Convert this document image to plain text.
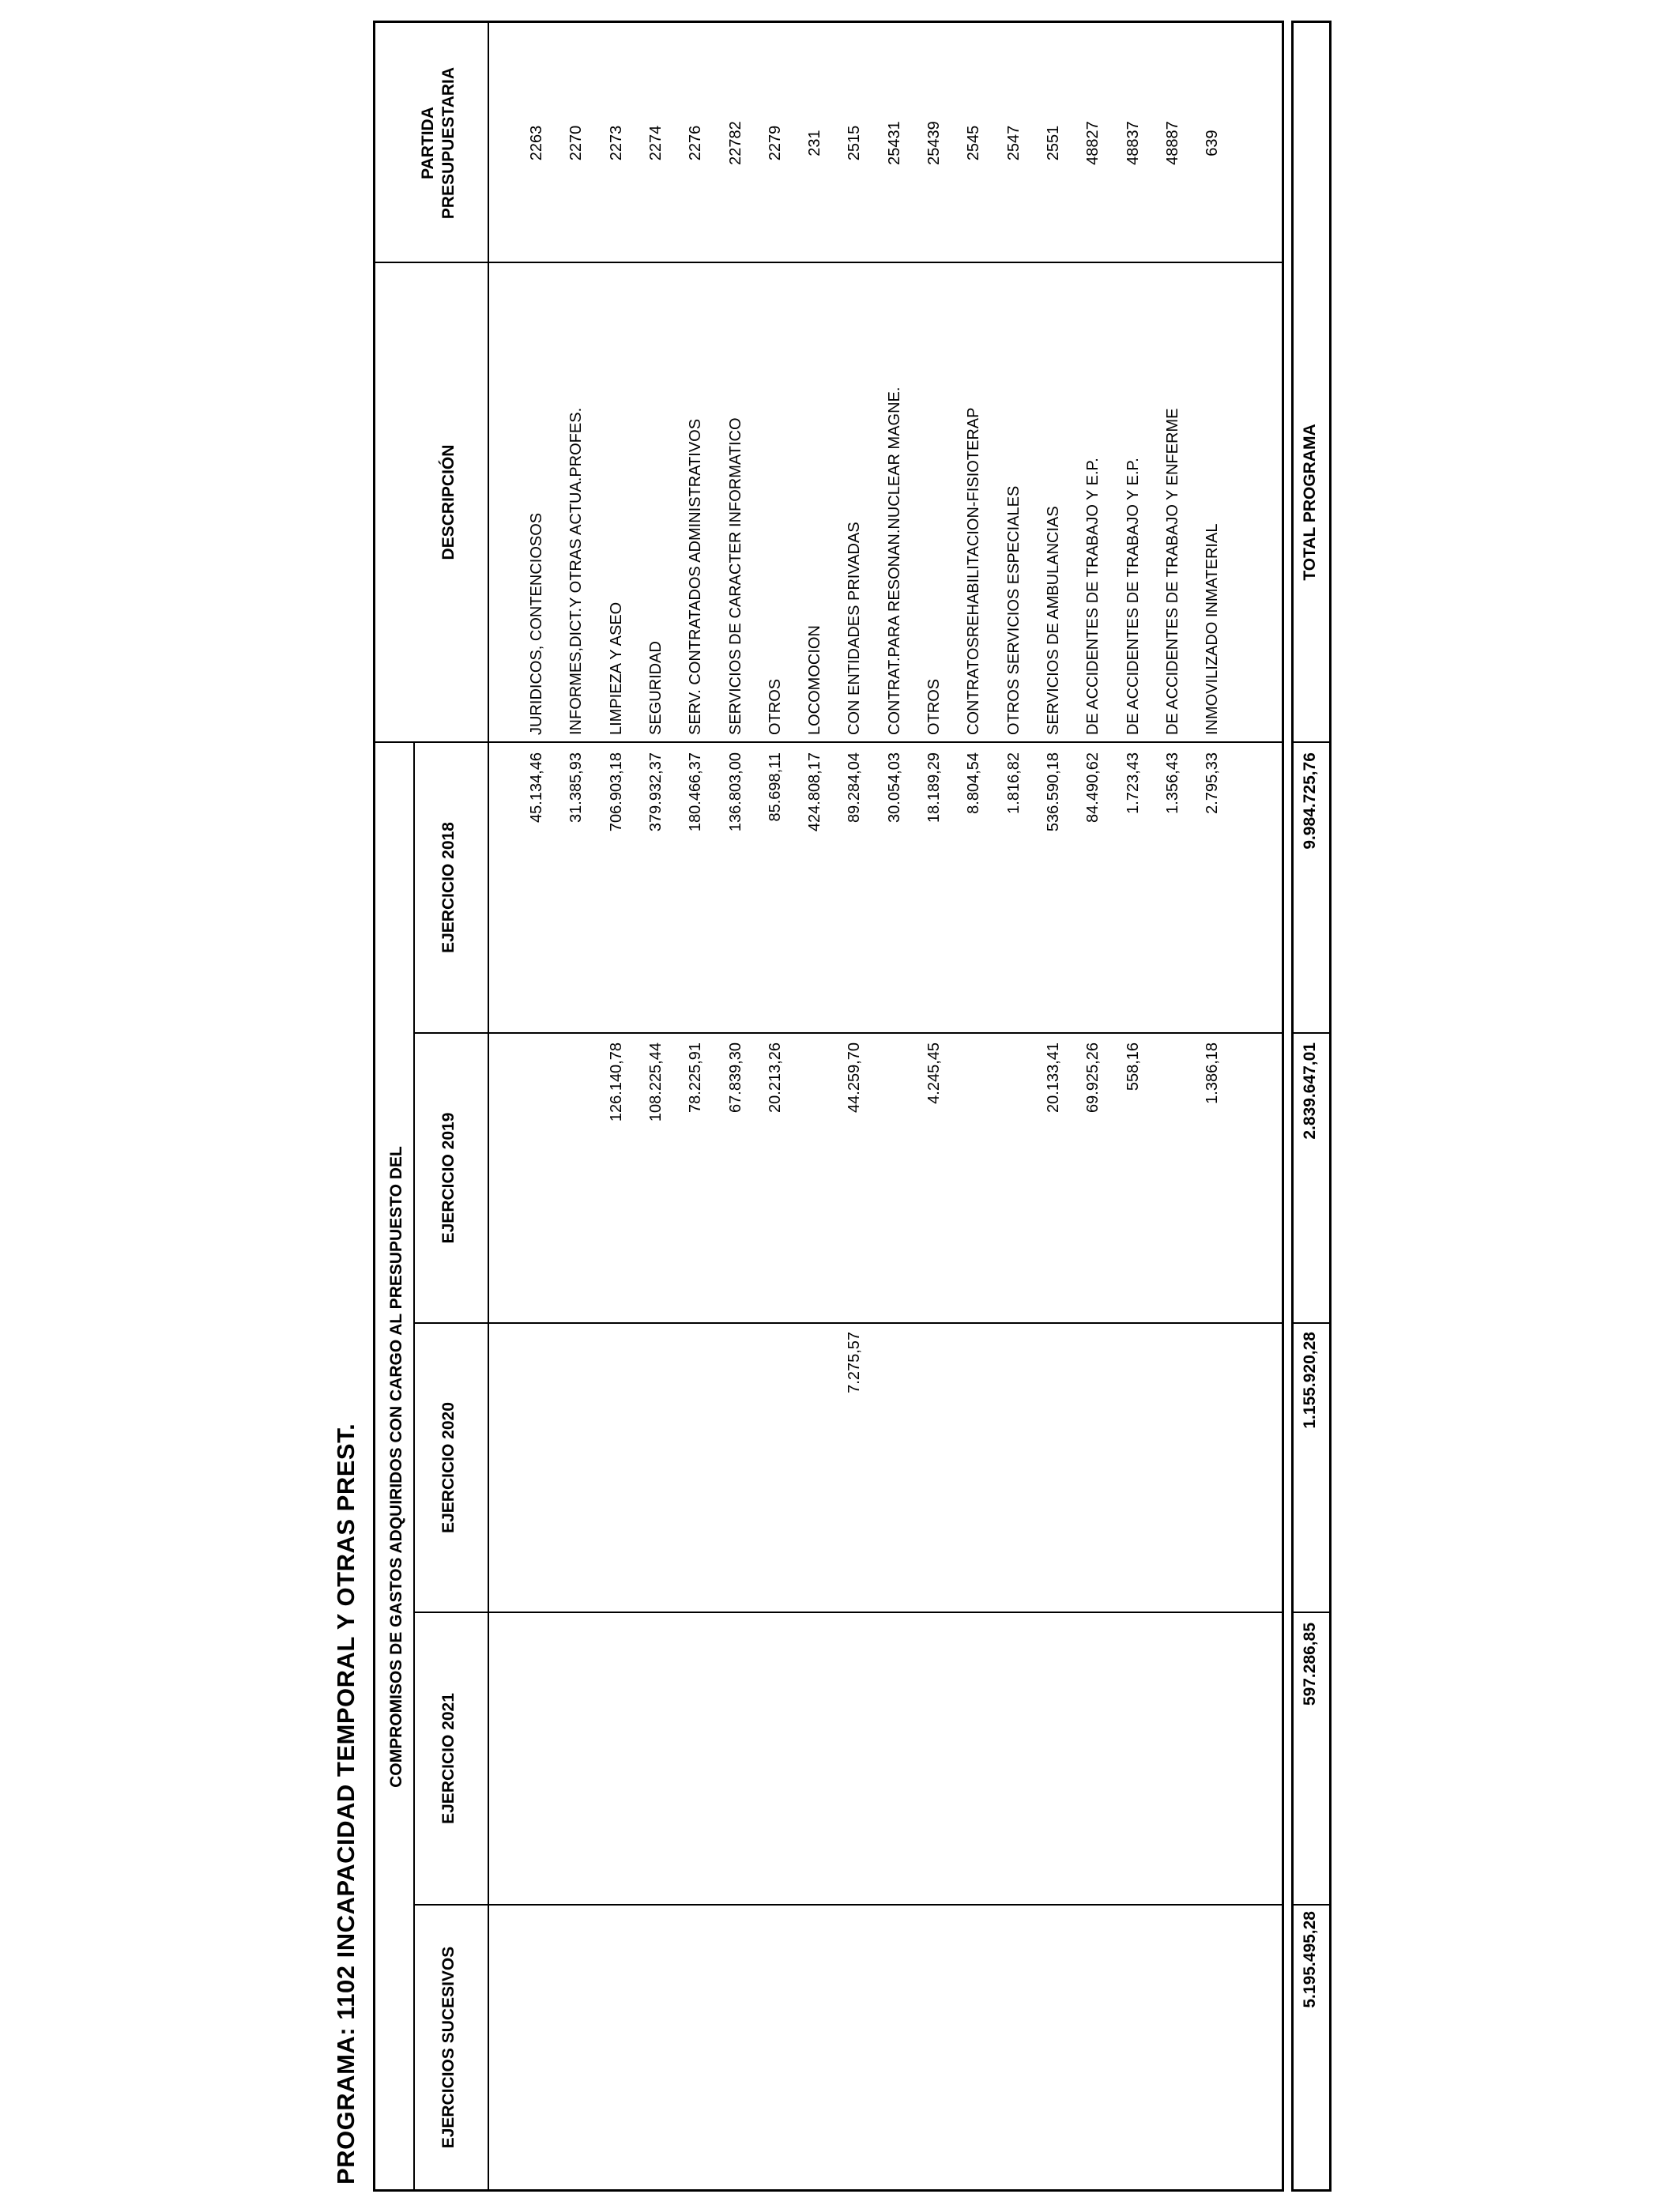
PROGRAMA: 1102 INCAPACIDAD TEMPORAL Y OTRAS PREST.
PARTIDA PRESUPUESTARIA
DESCRIPCIÓN
COMPROMISOS DE GASTOS ADQUIRIDOS CON CARGO AL PRESUPUESTO DEL
EJERCICIO 2018
EJERCICIO 2019
EJERCICIO 2020
EJERCICIO 2021
EJERCICIOS SUCESIVOS
2263
JURIDICOS, CONTENCIOSOS
45.134,46
2270
INFORMES,DICT.Y OTRAS ACTUA.PROFES.
31.385,93
2273
LIMPIEZA Y ASEO
706.903,18
126.140,78
2274
SEGURIDAD
379.932,37
108.225,44
2276
SERV. CONTRATADOS ADMINISTRATIVOS
180.466,37
78.225,91
22782
SERVICIOS DE CARACTER INFORMATICO
136.803,00
67.839,30
2279
OTROS
85.698,11
20.213,26
231
LOCOMOCION
424.808,17
2515
CON ENTIDADES PRIVADAS
89.284,04
44.259,70
7.275,57
25431
CONTRAT.PARA RESONAN.NUCLEAR MAGNE.
30.054,03
25439
OTROS
18.189,29
4.245,45
2545
CONTRATOSREHABILITACION-FISIOTERAP
8.804,54
2547
OTROS SERVICIOS ESPECIALES
1.816,82
2551
SERVICIOS DE AMBULANCIAS
536.590,18
20.133,41
48827
DE ACCIDENTES DE TRABAJO Y E.P.
84.490,62
69.925,26
48837
DE ACCIDENTES DE TRABAJO Y E.P.
1.723,43
558,16
48887
DE ACCIDENTES DE TRABAJO Y ENFERME
1.356,43
639
INMOVILIZADO INMATERIAL
2.795,33
1.386,18
TOTAL PROGRAMA
9.984.725,76
2.839.647,01
1.155.920,28
597.286,85
5.195.495,28
